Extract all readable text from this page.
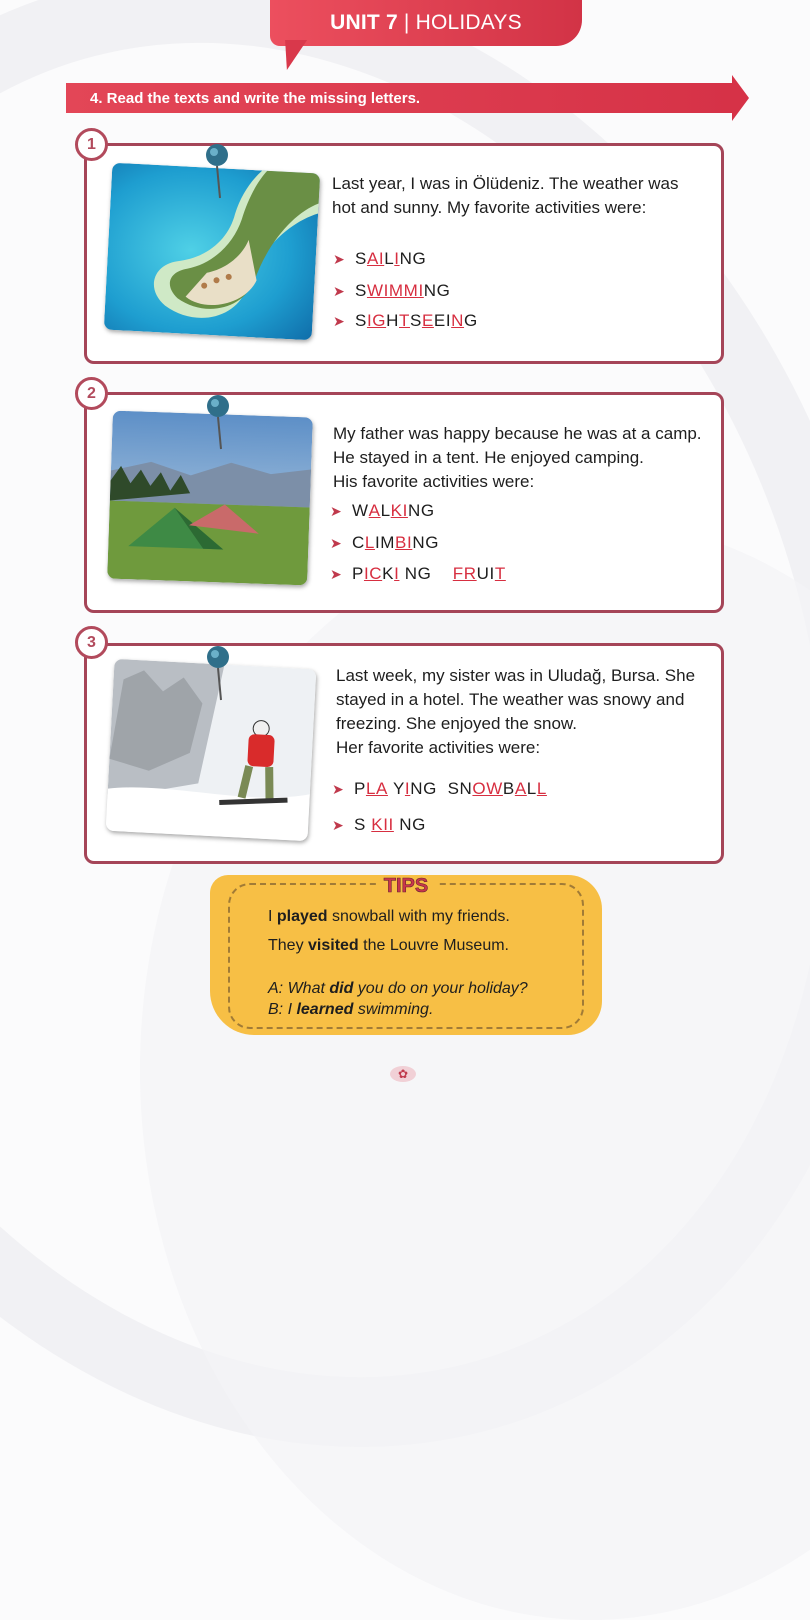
UNIT 7 | HOLIDAYS
4. Read the texts and write the missing letters.
1
Last year, I was in Ölüdeniz. The weather was
hot and sunny. My favorite activities were:
➤ S AI L I NG
➤ S WIMM I NG
➤ S IG H T S E EI N G
2
My father was happy because he was at a camp.
He stayed in a tent. He enjoyed camping.
His favorite activities were:
➤ W A L KI NG
➤ C L IM BI NG
➤ P IC K I NG
FR UI T
3
Last week, my sister was in Uludağ, Bursa. She
stayed in a hotel. The weather was snowy and
freezing. She enjoyed the snow.
Her favorite activities were:
➤ P LA Y I NG  SN OW B A L L
➤ S
KII
NG
TIPS
I played snowball with my friends.
They visited the Louvre Museum.
A: What did you do on your holiday?
B: I learned swimming.
✿
